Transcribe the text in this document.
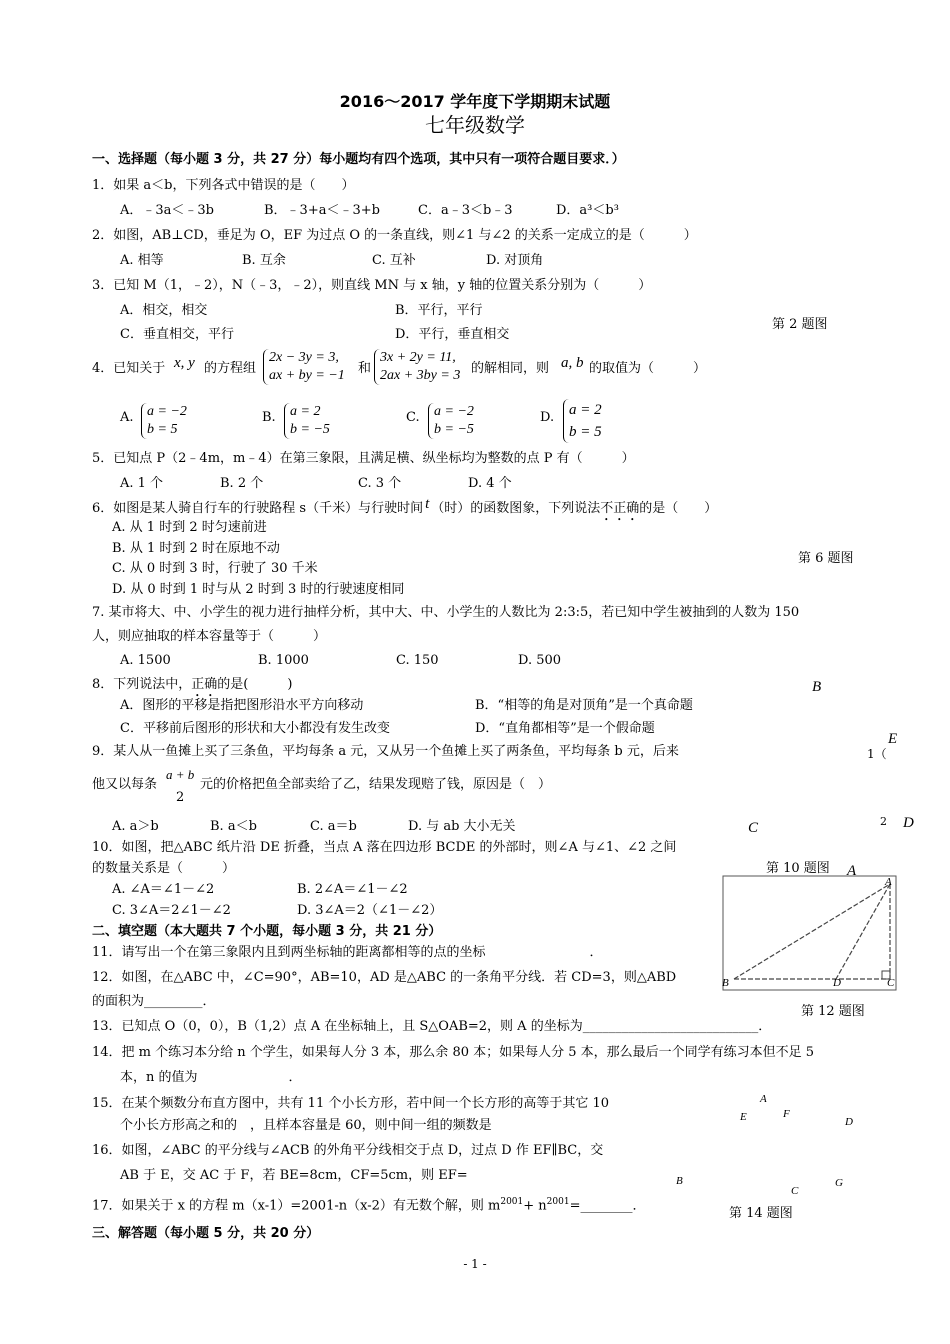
2016～2017 学年度下学期期末试题
七年级数学
一、选择题（每小题 3 分，共 27 分）每小题均有四个选项，其中只有一项符合题目要求．）
1．如果 a＜b，下列各式中错误的是（　　）
A．﹣3a＜﹣3b	B．﹣3+a＜﹣3+b	C．a﹣3＜b﹣3	D．a³＜b³
2．如图，AB⊥CD，垂足为 O，EF 为过点 O 的一条直线，则∠1 与∠2 的关系一定成立的是（　　　）
A. 相等	B. 互余	C. 互补	D. 对顶角
3．已知 M（1，﹣2），N（﹣3，﹣2），则直线 MN 与 x 轴，y 轴的位置关系分别为（　　　）
A．相交，相交	B．平行，平行
C．垂直相交，平行	D．平行，垂直相交
第 2 题图
4．已知关于 x, y 的方程组
2x − 3y = 3,
ax + by = −1 和
3x + 2y = 11,
2ax + 3by = 3 的解相同，则 a, b 的取值为（　　　）
A. a = −2
b = 5
B. a = 2
b = −5
C. a = −2
b = −5
D. a = 2
b = 5
5．已知点 P（2﹣4m，m﹣4）在第三象限，且满足横、纵坐标均为整数的点 P 有（　　　）
A. 1 个	B. 2 个	C. 3 个	D. 4 个
6．如图是某人骑自行车的行驶路程 s（千米）与行驶时间 t （时）的函数图象，下列说法不正确的是（　　）
A. 从 1 时到 2 时匀速前进
B. 从 1 时到 2 时在原地不动
C. 从 0 时到 3 时，行驶了 30 千米
D. 从 0 时到 1 时与从 2 时到 3 时的行驶速度相同
第 6 题图
7. 某市将大、中、小学生的视力进行抽样分析，其中大、中、小学生的人数比为 2:3:5，若已知中学生被抽到的人数为 150
人，则应抽取的样本容量等于（　　　）
A. 1500	B. 1000	C. 150	D. 500
8．下列说法中，正确的是(　　　)
A．图形的平移是指把图形沿水平方向移动	B．“相等的角是对顶角”是一个真命题
C．平移前后图形的形状和大小都没有发生改变	D．“直角都相等”是一个假命题
9．某人从一鱼摊上买了三条鱼，平均每条 a 元，又从另一个鱼摊上买了两条鱼，平均每条 b 元，后来
他又以每条
a + b
2
元的价格把鱼全部卖给了乙，结果发现赔了钱，原因是（　）
A. a＞b	B. a＜b	C. a＝b	D. 与 ab 大小无关
B
E
1（
C	2 D
第 10 题图 A
10．如图，把△ABC 纸片沿 DE 折叠，当点 A 落在四边形 BCDE 的外部时，则∠A 与∠1、∠2 之间
的数量关系是（　　　）
A. ∠A＝∠1－∠2	B. 2∠A＝∠1－∠2
C. 3∠A＝2∠1－∠2	D. 3∠A＝2（∠1－∠2）
A
B	D	C
第 12 题图
二、填空题（本大题共 7 个小题，每小题 3 分，共 21 分）
11．请写出一个在第三象限内且到两坐标轴的距离都相等的点的坐标　　　　　　　　．
12．如图，在△ABC 中，∠C=90°，AB=10，AD 是△ABC 的一条角平分线．若 CD=3，则△ABD
的面积为_________．
13．已知点 O（0，0），B（1,2）点 A 在坐标轴上，且 S△OAB=2，则 A 的坐标为___________________________．
14．把 m 个练习本分给 n 个学生，如果每人分 3 本，那么余 80 本；如果每人分 5 本，那么最后一个同学有练习本但不足 5
本，n 的值为　　　　　　　．
15．在某个频数分布直方图中，共有 11 个小长方形，若中间一个长方形的高等于其它 10
个小长方形高之和的　，且样本容量是 60，则中间一组的频数是
16．如图，∠ABC 的平分线与∠ACB 的外角平分线相交于点 D，过点 D 作 EF∥BC，交
AB 于 E，交 AC 于 F，若 BE=8cm，CF=5cm，则 EF=　　　　
17．如果关于 x 的方程 m（x-1）=2001-n（x-2）有无数个解，则 $m^{2001}+$ $n^{2001}=\_\_\_\_\_\_\_\_$．
A
E	F
D
B
C
G
第 14 题图
三、解答题（每小题 5 分，共 20 分）
- 1 -
